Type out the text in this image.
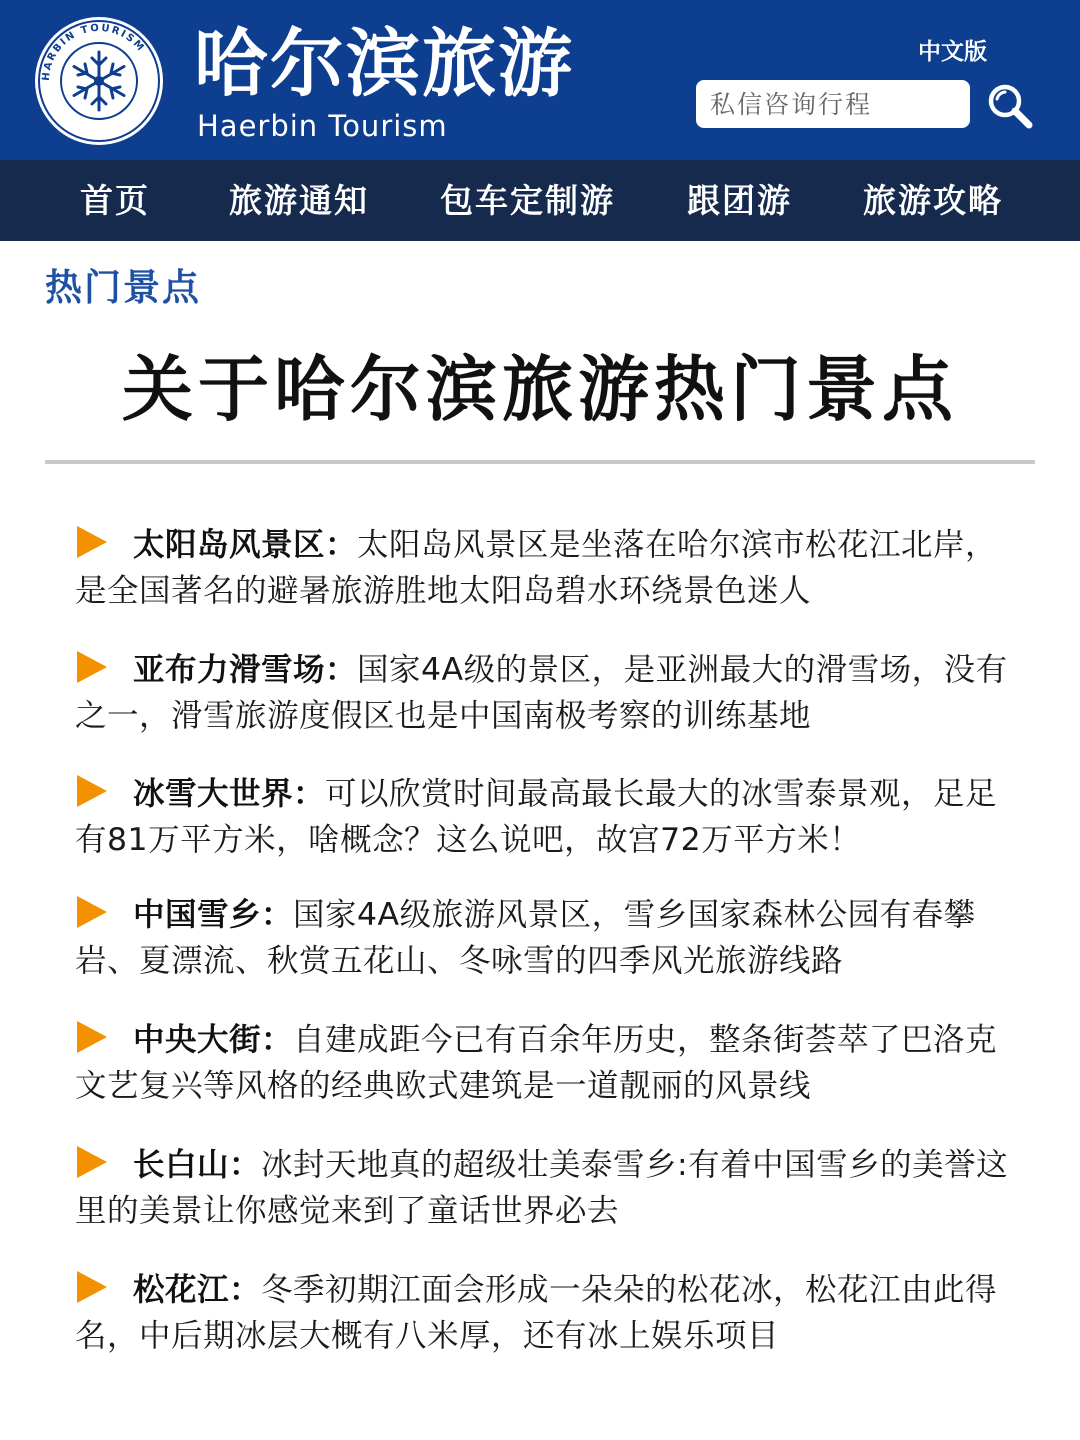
HARBIN TOURISM 哈尔滨旅游
Haerbin Tourism
中文版
私信咨询行程
首页 旅游通知 包车定制游 跟团游 旅游攻略
热门景点
关于哈尔滨旅游热门景点
太阳岛风景区：太阳岛风景区是坐落在哈尔滨市松花江北岸，是全国著名的避暑旅游胜地太阳岛碧水环绕景色迷人
亚布力滑雪场：国家4A级的景区，是亚洲最大的滑雪场，没有之一，滑雪旅游度假区也是中国南极考察的训练基地
冰雪大世界：可以欣赏时间最高最长最大的冰雪泰景观，足足有81万平方米，啥概念？这么说吧，故宫72万平方米！
中国雪乡：国家4A级旅游风景区，雪乡国家森林公园有春攀岩、夏漂流、秋赏五花山、冬咏雪的四季风光旅游线路
中央大街：自建成距今已有百余年历史，整条街荟萃了巴洛克文艺复兴等风格的经典欧式建筑是一道靓丽的风景线
长白山：冰封天地真的超级壮美泰雪乡:有着中国雪乡的美誉这里的美景让你感觉来到了童话世界必去
松花江：冬季初期江面会形成一朵朵的松花冰，松花江由此得名，中后期冰层大概有八米厚，还有冰上娱乐项目
